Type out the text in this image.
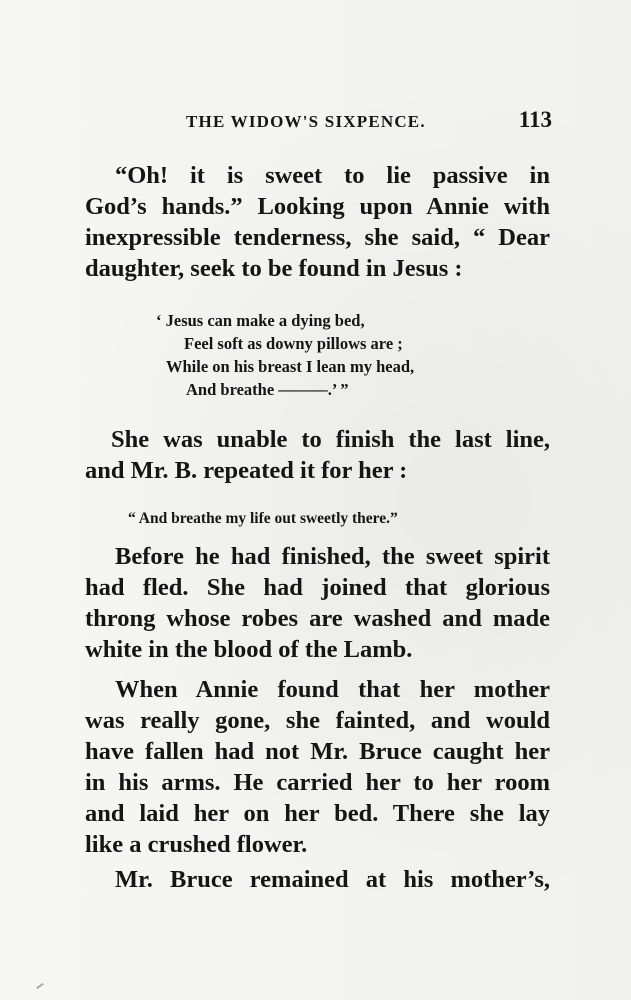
THE WIDOW'S SIXPENCE.	113
“Oh! it is sweet to lie passive in
God’s hands.” Looking upon Annie with
inexpressible tenderness, she said, “ Dear
daughter, seek to be found in Jesus :
‘ Jesus can make a dying bed,
Feel soft as downy pillows are ;
While on his breast I lean my head,
And breathe ———.’ ”
She was unable to finish the last line,
and Mr. B. repeated it for her :
“ And breathe my life out sweetly there.”
Before he had finished, the sweet spirit
had fled. She had joined that glorious
throng whose robes are washed and made
white in the blood of the Lamb.
When Annie found that her mother
was really gone, she fainted, and would
have fallen had not Mr. Bruce caught her
in his arms. He carried her to her room
and laid her on her bed. There she lay
like a crushed flower.
Mr. Bruce remained at his mother’s,
